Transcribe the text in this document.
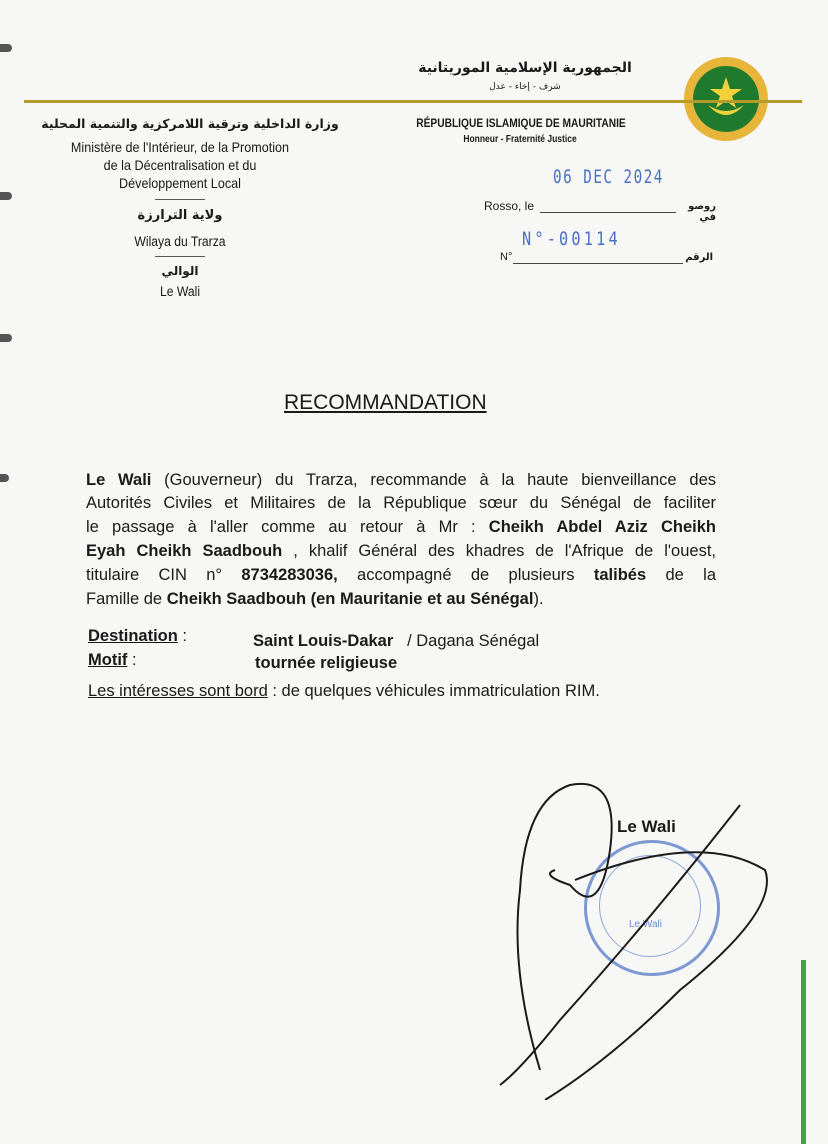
الجمهورية الإسلامية الموريتانية
شرف - إخاء - عدل
وزارة الداخلية وترقية اللامركزية والتنمية المحلية
Ministère de l'Intérieur, de la Promotion
de la Décentralisation et du
Développement Local
ولاية الترارزة
Wilaya du Trarza
الوالي
Le Wali
RÉPUBLIQUE ISLAMIQUE DE MAURITANIE
Honneur - Fraternité Justice
06 DEC 2024
Rosso, le	روصو في
N°-00114
N°	الرقم
RECOMMANDATION
Le Wali (Gouverneur) du Trarza, recommande à la haute bienveillance des
Autorités Civiles et Militaires de la République sœur du Sénégal de faciliter
le passage à l'aller comme au retour à Mr : Cheikh Abdel Aziz Cheikh
Eyah Cheikh Saadbouh , khalif Général des khadres de l'Afrique de l'ouest,
titulaire CIN n° 8734283036, accompagné de plusieurs talibés de la
Famille de Cheikh Saadbouh (en Mauritanie et au Sénégal).
Destination :	Saint Louis-Dakar / Dagana Sénégal
Motif :	tournée religieuse
Les intéresses sont bord : de quelques véhicules immatriculation RIM.
Le Wali
Le Wali
